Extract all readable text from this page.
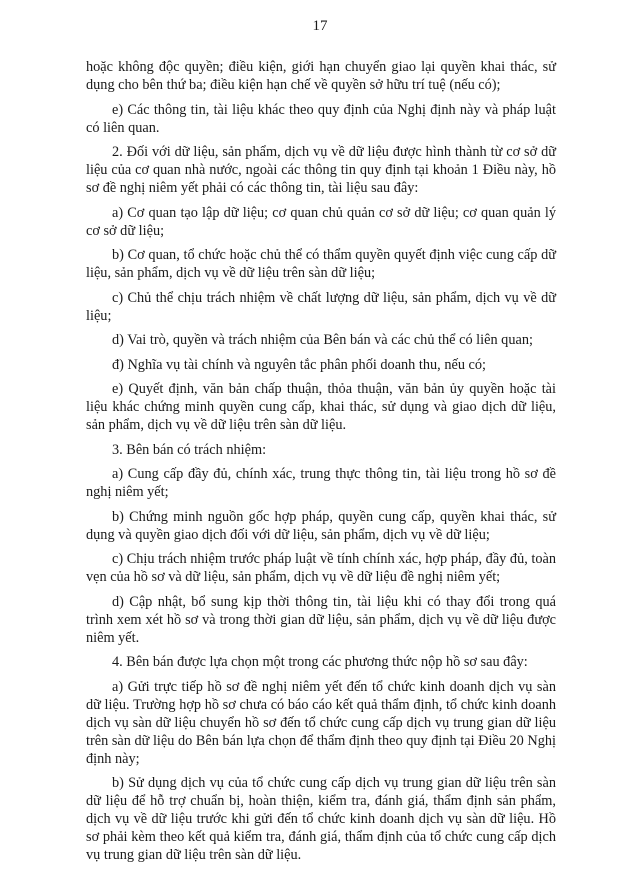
17

hoặc không độc quyền; điều kiện, giới hạn chuyển giao lại quyền khai thác, sử dụng cho bên thứ ba; điều kiện hạn chế về quyền sở hữu trí tuệ (nếu có);

e) Các thông tin, tài liệu khác theo quy định của Nghị định này và pháp luật có liên quan.

2. Đối với dữ liệu, sản phẩm, dịch vụ về dữ liệu được hình thành từ cơ sở dữ liệu của cơ quan nhà nước, ngoài các thông tin quy định tại khoản 1 Điều này, hồ sơ đề nghị niêm yết phải có các thông tin, tài liệu sau đây:

a) Cơ quan tạo lập dữ liệu; cơ quan chủ quản cơ sở dữ liệu; cơ quan quản lý cơ sở dữ liệu;

b) Cơ quan, tổ chức hoặc chủ thể có thẩm quyền quyết định việc cung cấp dữ liệu, sản phẩm, dịch vụ về dữ liệu trên sàn dữ liệu;

c) Chủ thể chịu trách nhiệm về chất lượng dữ liệu, sản phẩm, dịch vụ về dữ liệu;

d) Vai trò, quyền và trách nhiệm của Bên bán và các chủ thể có liên quan;

đ) Nghĩa vụ tài chính và nguyên tắc phân phối doanh thu, nếu có;

e) Quyết định, văn bản chấp thuận, thỏa thuận, văn bản ủy quyền hoặc tài liệu khác chứng minh quyền cung cấp, khai thác, sử dụng và giao dịch dữ liệu, sản phẩm, dịch vụ về dữ liệu trên sàn dữ liệu.

3. Bên bán có trách nhiệm:

a) Cung cấp đầy đủ, chính xác, trung thực thông tin, tài liệu trong hồ sơ đề nghị niêm yết;

b) Chứng minh nguồn gốc hợp pháp, quyền cung cấp, quyền khai thác, sử dụng và quyền giao dịch đối với dữ liệu, sản phẩm, dịch vụ về dữ liệu;

c) Chịu trách nhiệm trước pháp luật về tính chính xác, hợp pháp, đầy đủ, toàn vẹn của hồ sơ và dữ liệu, sản phẩm, dịch vụ về dữ liệu đề nghị niêm yết;

d) Cập nhật, bổ sung kịp thời thông tin, tài liệu khi có thay đổi trong quá trình xem xét hồ sơ và trong thời gian dữ liệu, sản phẩm, dịch vụ về dữ liệu được niêm yết.

4. Bên bán được lựa chọn một trong các phương thức nộp hồ sơ sau đây:

a) Gửi trực tiếp hồ sơ đề nghị niêm yết đến tổ chức kinh doanh dịch vụ sàn dữ liệu. Trường hợp hồ sơ chưa có báo cáo kết quả thẩm định, tổ chức kinh doanh dịch vụ sàn dữ liệu chuyển hồ sơ đến tổ chức cung cấp dịch vụ trung gian dữ liệu trên sàn dữ liệu do Bên bán lựa chọn để thẩm định theo quy định tại Điều 20 Nghị định này;

b) Sử dụng dịch vụ của tổ chức cung cấp dịch vụ trung gian dữ liệu trên sàn dữ liệu để hỗ trợ chuẩn bị, hoàn thiện, kiểm tra, đánh giá, thẩm định sản phẩm, dịch vụ về dữ liệu trước khi gửi đến tổ chức kinh doanh dịch vụ sàn dữ liệu. Hồ sơ phải kèm theo kết quả kiểm tra, đánh giá, thẩm định của tổ chức cung cấp dịch vụ trung gian dữ liệu trên sàn dữ liệu.
